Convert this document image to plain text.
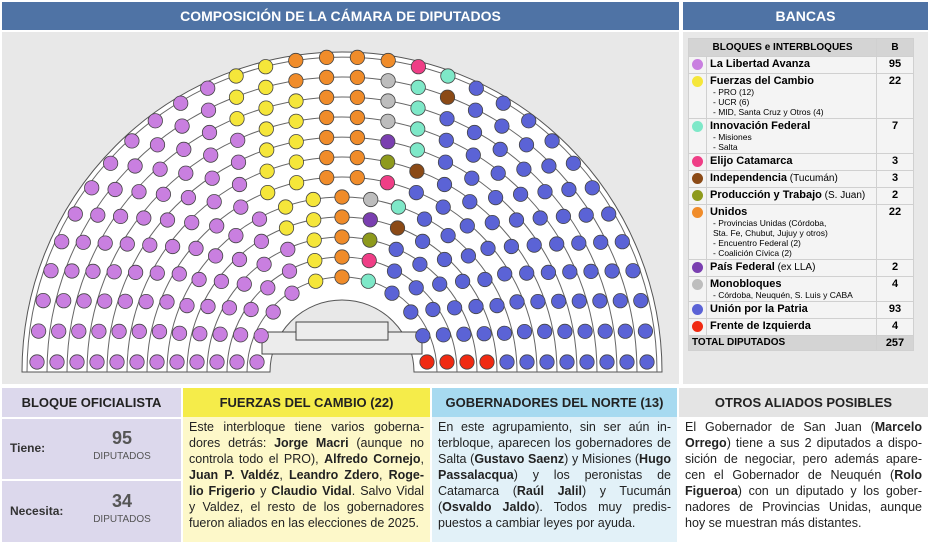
COMPOSICIÓN DE LA CÁMARA DE DIPUTADOS	BANCAS
BLOQUES e INTERBLOQUES		B
	La Libertad Avanza	95
	Fuerzas del Cambio
- PRO (12)
- UCR (6)
- MID, Santa Cruz y Otros (4)	22
	Innovación Federal
- Misiones
- Salta	7
	Elijo Catamarca	3
	Independencia (Tucumán)	3
	Producción y Trabajo (S. Juan)	2
	Unidos
- Provincias Unidas (Córdoba,
Sta. Fe, Chubut, Jujuy y otros)
- Encuentro Federal (2)
- Coalición Cívica (2)	22
	País Federal (ex LLA)	2
	Monobloques
- Córdoba, Neuquén, S. Luis y CABA	4
	Unión por la Patria	93
	Frente de Izquierda	4
TOTAL DIPUTADOS		257
BLOQUE OFICIALISTA
Tiene:	95
DIPUTADOS
Necesita:	34
DIPUTADOS
FUERZAS DEL CAMBIO (22)
Este interbloque tiene varios goberna-dores detrás: Jorge Macri (aunque no controla todo el PRO), Alfredo Cornejo, Juan P. Valdéz, Leandro Zdero, Roge-lio Frigerio y Claudio Vidal. Salvo Vidal y Valdez, el resto de los gobernadores fueron aliados en las elecciones de 2025.
GOBERNADORES DEL NORTE (13)
En este agrupamiento, sin ser aún in-terbloque, aparecen los gobernadores de Salta (Gustavo Saenz) y Misiones (Hugo Passalacqua) y los peronistas de Catamarca (Raúl Jalil) y Tucumán (Osvaldo Jaldo). Todos muy predis-puestos a cambiar leyes por ayuda.
OTROS ALIADOS POSIBLES
El Gobernador de San Juan (Marcelo Orrego) tiene a sus 2 diputados a dispo-sición de negociar, pero además apare-cen el Gobernador de Neuquén (Rolo Figueroa) con un diputado y los gober-nadores de Provincias Unidas, aunque hoy se muestran más distantes.
